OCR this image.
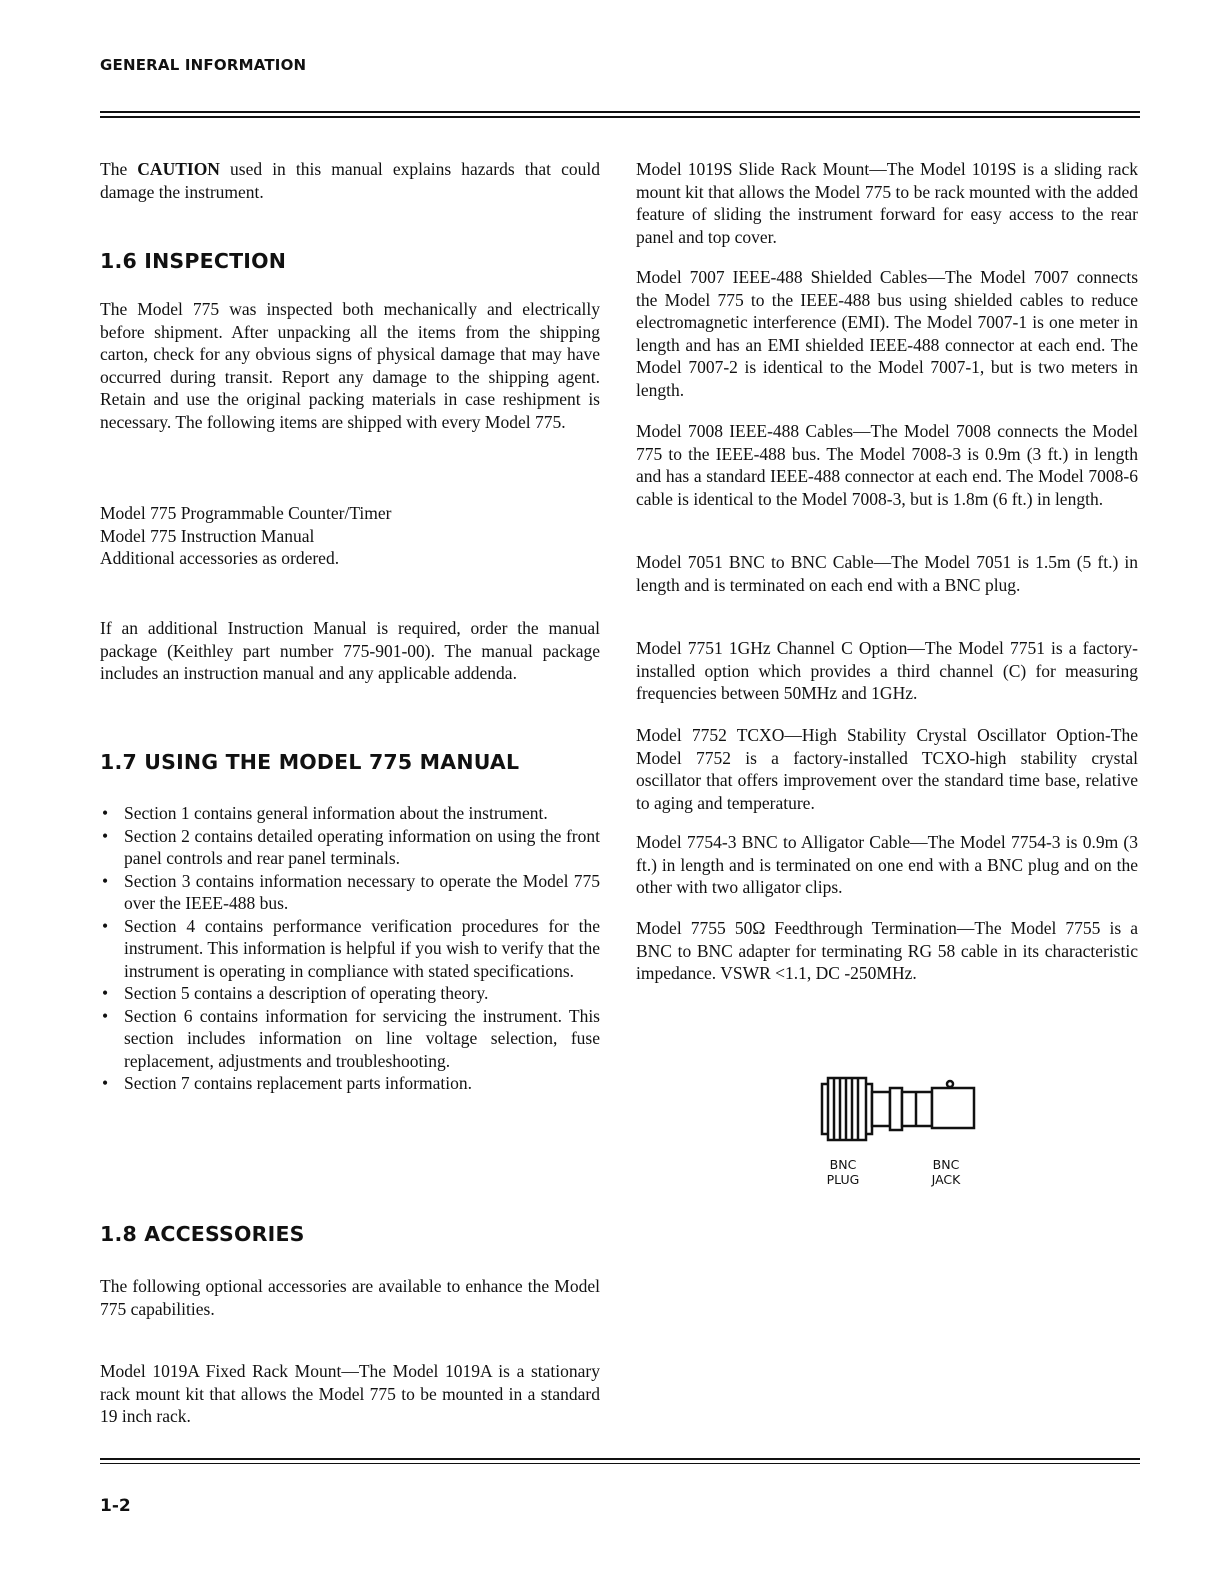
GENERAL INFORMATION

The CAUTION used in this manual explains hazards that could damage the instrument.

1.6 INSPECTION

The Model 775 was inspected both mechanically and electrically before shipment. After unpacking all the items from the shipping carton, check for any obvious signs of physical damage that may have occurred during transit. Report any damage to the shipping agent. Retain and use the original packing materials in case reshipment is necessary. The following items are shipped with every Model 775.

Model 775 Programmable Counter/Timer

Model 775 Instruction Manual

Additional accessories as ordered.

If an additional Instruction Manual is required, order the manual package (Keithley part number 775-901-00). The manual package includes an instruction manual and any applicable addenda.

1.7 USING THE MODEL 775 MANUAL
• Section 1 contains general information about the instrument.
• Section 2 contains detailed operating information on using the front panel controls and rear panel terminals.
• Section 3 contains information necessary to operate the Model 775 over the IEEE-488 bus.
• Section 4 contains performance verification procedures for the instrument. This information is helpful if you wish to verify that the instrument is operating in compliance with stated specifications.
• Section 5 contains a description of operating theory.
• Section 6 contains information for servicing the instrument. This section includes information on line voltage selection, fuse replacement, adjustments and troubleshooting.
• Section 7 contains replacement parts information.
1.8 ACCESSORIES

The following optional accessories are available to enhance the Model 775 capabilities.

Model 1019A Fixed Rack Mount—The Model 1019A is a stationary rack mount kit that allows the Model 775 to be mounted in a standard 19 inch rack.

Model 1019S Slide Rack Mount—The Model 1019S is a sliding rack mount kit that allows the Model 775 to be rack mounted with the added feature of sliding the instrument forward for easy access to the rear panel and top cover.

Model 7007 IEEE-488 Shielded Cables—The Model 7007 connects the Model 775 to the IEEE-488 bus using shielded cables to reduce electromagnetic interference (EMI). The Model 7007-1 is one meter in length and has an EMI shielded IEEE-488 connector at each end. The Model 7007-2 is identical to the Model 7007-1, but is two meters in length.

Model 7008 IEEE-488 Cables—The Model 7008 connects the Model 775 to the IEEE-488 bus. The Model 7008-3 is 0.9m (3 ft.) in length and has a standard IEEE-488 connector at each end. The Model 7008-6 cable is identical to the Model 7008-3, but is 1.8m (6 ft.) in length.

Model 7051 BNC to BNC Cable—The Model 7051 is 1.5m (5 ft.) in length and is terminated on each end with a BNC plug.

Model 7751 1GHz Channel C Option—The Model 7751 is a factory-installed option which provides a third channel (C) for measuring frequencies between 50MHz and 1GHz.

Model 7752 TCXO—High Stability Crystal Oscillator Option-The Model 7752 is a factory-installed TCXO-high stability crystal oscillator that offers improvement over the standard time base, relative to aging and temperature.

Model 7754-3 BNC to Alligator Cable—The Model 7754-3 is 0.9m (3 ft.) in length and is terminated on one end with a BNC plug and on the other with two alligator clips.

Model 7755 50Ω Feedthrough Termination—The Model 7755 is a BNC to BNC adapter for terminating RG 58 cable in its characteristic impedance. VSWR <1.1, DC -250MHz.

BNC
PLUG
BNC
JACK
1-2
